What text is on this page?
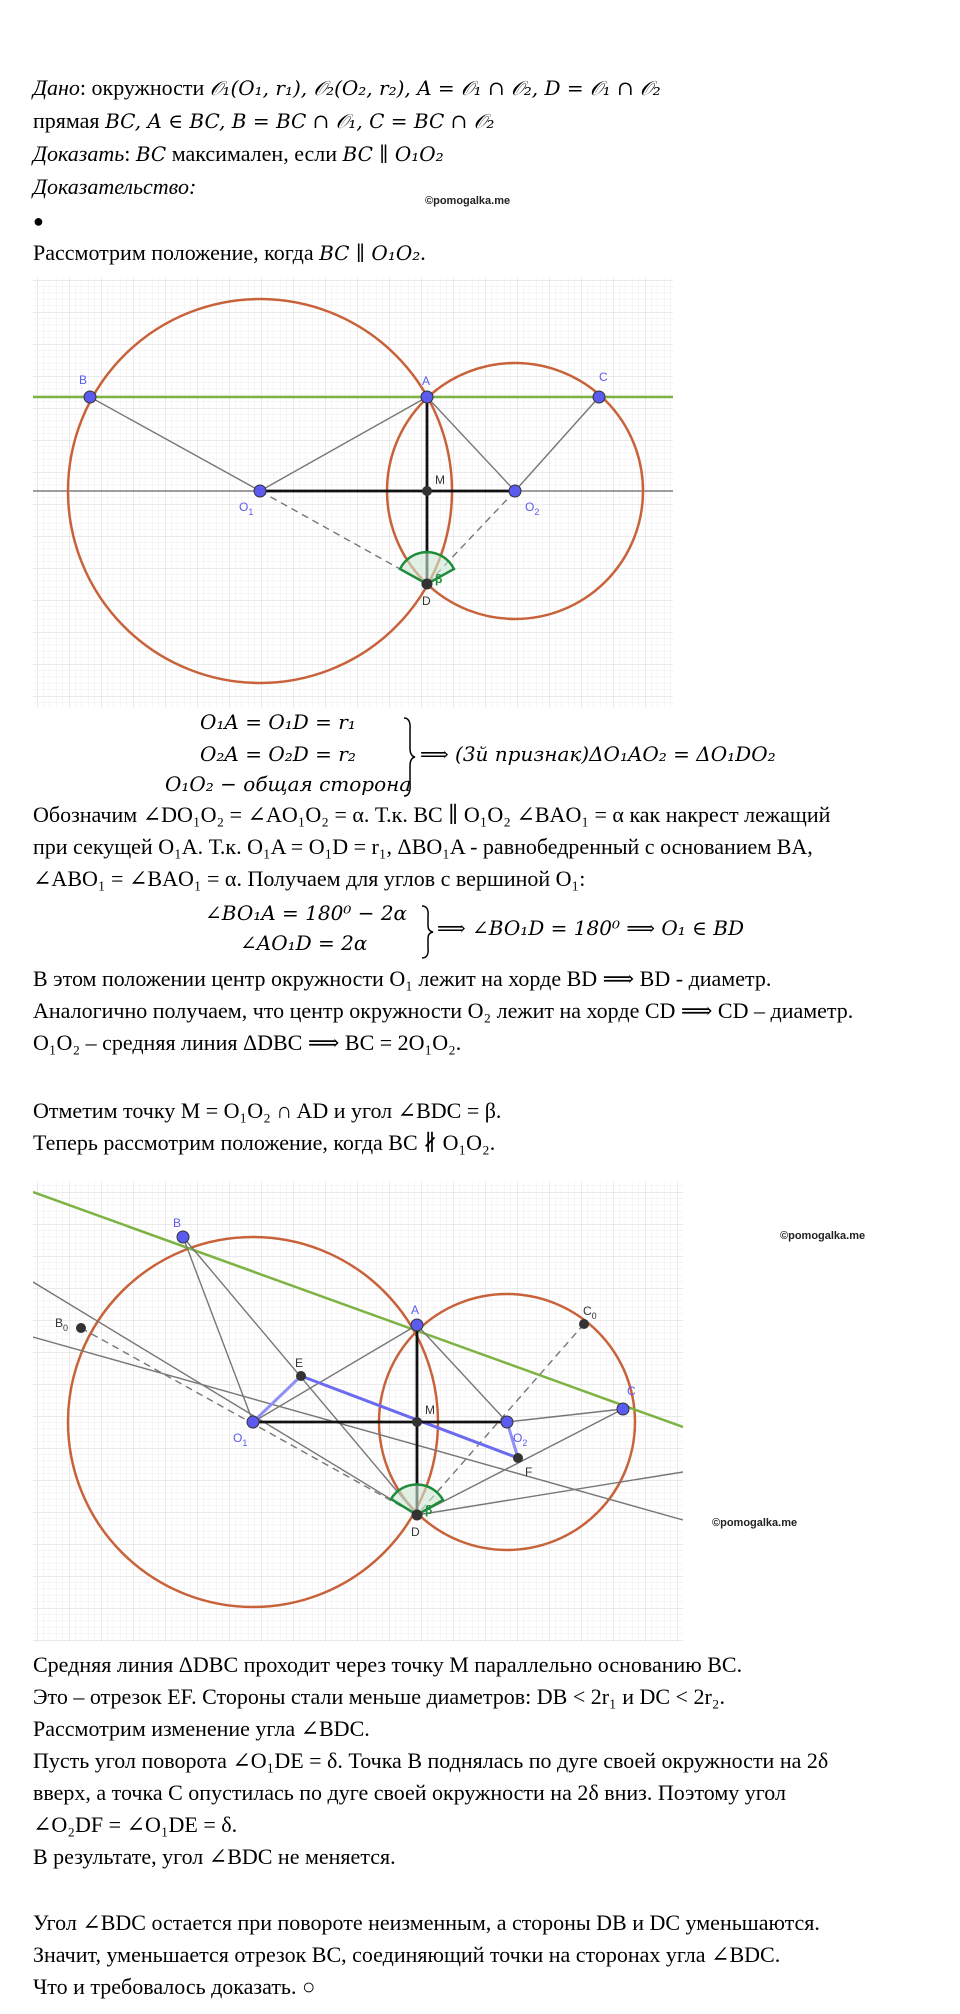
Дано: окружности 𝒪₁(O₁, r₁), 𝒪₂(O₂, r₂), A = 𝒪₁ ∩ 𝒪₂, D = 𝒪₁ ∩ 𝒪₂
прямая BC, A ∈ BC, B = BC ∩ 𝒪₁, C = BC ∩ 𝒪₂
Доказать: BC максимален, если BC ∥ O₁O₂
Доказательство:
©pomogalka.me
●
Рассмотрим положение, когда BC ∥ O₁O₂.
B	A	C
M
$O_1$	$O_2$
D
β
O₁A = O₁D = r₁
O₂A = O₂D = r₂
O₁O₂ − общая сторона
⟹ (3й признак)ΔO₁AO₂ = ΔO₁DO₂
Обозначим ∠DO₁O₂ = ∠AO₁O₂ = α. Т.к. BC ∥ O₁O₂ ∠BAO₁ = α как накрест лежащий
при секущей O₁A. Т.к. O₁A = O₁D = r₁, ΔBO₁A - равнобедренный с основанием BA,
∠ABO₁ = ∠BAO₁ = α. Получаем для углов с вершиной O₁:
∠BO₁A = 180⁰ − 2α
∠AO₁D = 2α
⟹ ∠BO₁D = 180⁰ ⟹ O₁ ∈ BD
В этом положении центр окружности O₁ лежит на хорде BD ⟹ BD - диаметр.
Аналогично получаем, что центр окружности O₂ лежит на хорде CD ⟹ CD – диаметр.
O₁O₂ – средняя линия ΔDBC ⟹ BC = 2O₁O₂.
Отметим точку M = O₁O₂ ∩ AD и угол ∠BDC = β.
Теперь рассмотрим положение, когда BC ∦ O₁O₂.
B
$B_0$
A	$C_0$
C
E
M
$O_1$	$O_2$
F
D
β
©pomogalka.me
©pomogalka.me
Средняя линия ΔDBC проходит через точку M параллельно основанию BC.
Это – отрезок EF. Стороны стали меньше диаметров: DB < 2r₁ и DC < 2r₂.
Рассмотрим изменение угла ∠BDC.
Пусть угол поворота ∠O₁DE = δ. Точка B поднялась по дуге своей окружности на 2δ
вверх, а точка C опустилась по дуге своей окружности на 2δ вниз. Поэтому угол
∠O₂DF = ∠O₁DE = δ.
В результате, угол ∠BDC не меняется.
Угол ∠BDC остается при повороте неизменным, а стороны DB и DC уменьшаются.
Значит, уменьшается отрезок BC, соединяющий точки на сторонах угла ∠BDC.
Что и требовалось доказать. ○
